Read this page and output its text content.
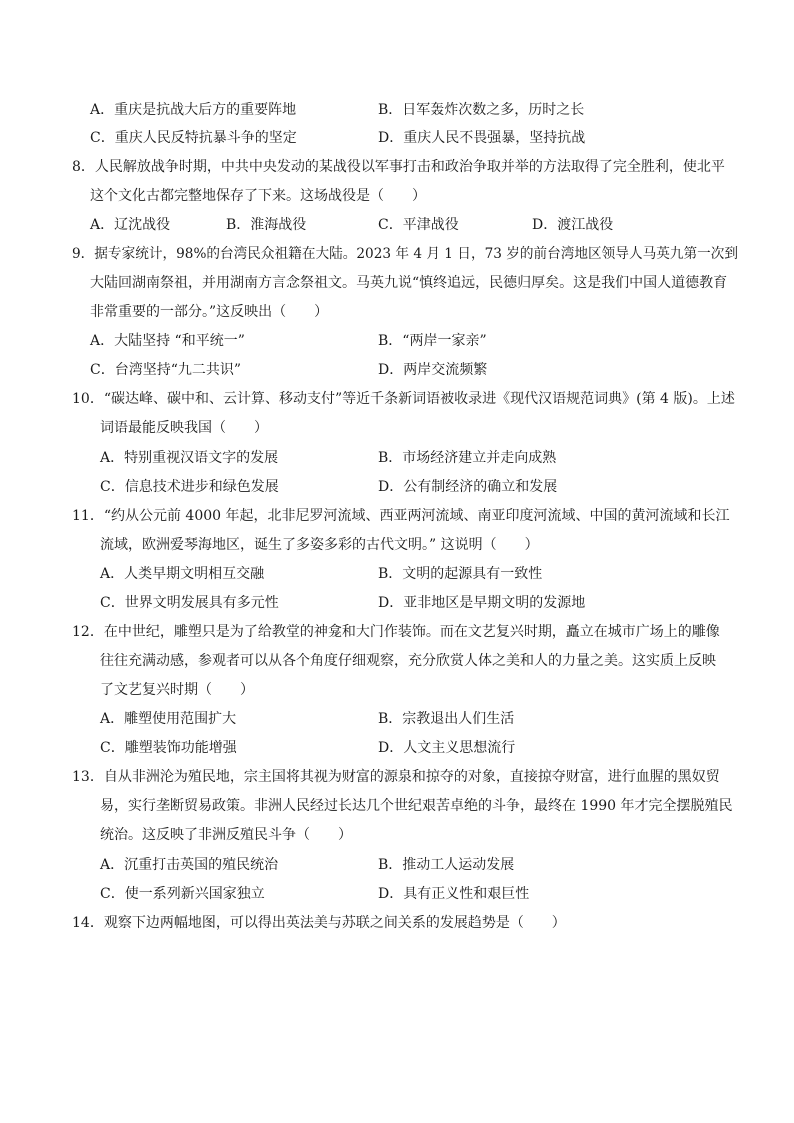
A．重庆是抗战大后方的重要阵地	B．日军轰炸次数之多，历时之长
C．重庆人民反特抗暴斗争的坚定	D．重庆人民不畏强暴，坚持抗战
8．人民解放战争时期，中共中央发动的某战役以军事打击和政治争取并举的方法取得了完全胜利，使北平
这个文化古都完整地保存了下来。这场战役是（　　）
A．辽沈战役	B．淮海战役	C．平津战役	D．渡江战役
9．据专家统计，98%的台湾民众祖籍在大陆。2023 年 4 月 1 日，73 岁的前台湾地区领导人马英九第一次到
大陆回湖南祭祖，并用湖南方言念祭祖文。马英九说“慎终追远，民德归厚矣。这是我们中国人道德教育
非常重要的一部分。”这反映出（　　）
A．大陆坚持 “和平统一”	B．“两岸一家亲”
C．台湾坚持“九二共识”	D．两岸交流频繁
10．“碳达峰、碳中和、云计算、移动支付”等近千条新词语被收录进《现代汉语规范词典》(第 4 版)。上述
词语最能反映我国（　　）
A．特别重视汉语文字的发展	B．市场经济建立并走向成熟
C．信息技术进步和绿色发展	D．公有制经济的确立和发展
11．“约从公元前 4000 年起，北非尼罗河流域、西亚两河流域、南亚印度河流域、中国的黄河流域和长江
流域，欧洲爱琴海地区，诞生了多姿多彩的古代文明。” 这说明（　　）
A．人类早期文明相互交融	B．文明的起源具有一致性
C．世界文明发展具有多元性	D．亚非地区是早期文明的发源地
12．在中世纪，雕塑只是为了给教堂的神龛和大门作装饰。而在文艺复兴时期，矗立在城市广场上的雕像
往往充满动感，参观者可以从各个角度仔细观察，充分欣赏人体之美和人的力量之美。这实质上反映
了文艺复兴时期（　　）
A．雕塑使用范围扩大	B．宗教退出人们生活
C．雕塑装饰功能增强	D．人文主义思想流行
13．自从非洲沦为殖民地，宗主国将其视为财富的源泉和掠夺的对象，直接掠夺财富，进行血腥的黑奴贸
易，实行垄断贸易政策。非洲人民经过长达几个世纪艰苦卓绝的斗争，最终在 1990 年才完全摆脱殖民
统治。这反映了非洲反殖民斗争（　　）
A．沉重打击英国的殖民统治	B．推动工人运动发展
C．使一系列新兴国家独立	D．具有正义性和艰巨性
14．观察下边两幅地图，可以得出英法美与苏联之间关系的发展趋势是（　　）
